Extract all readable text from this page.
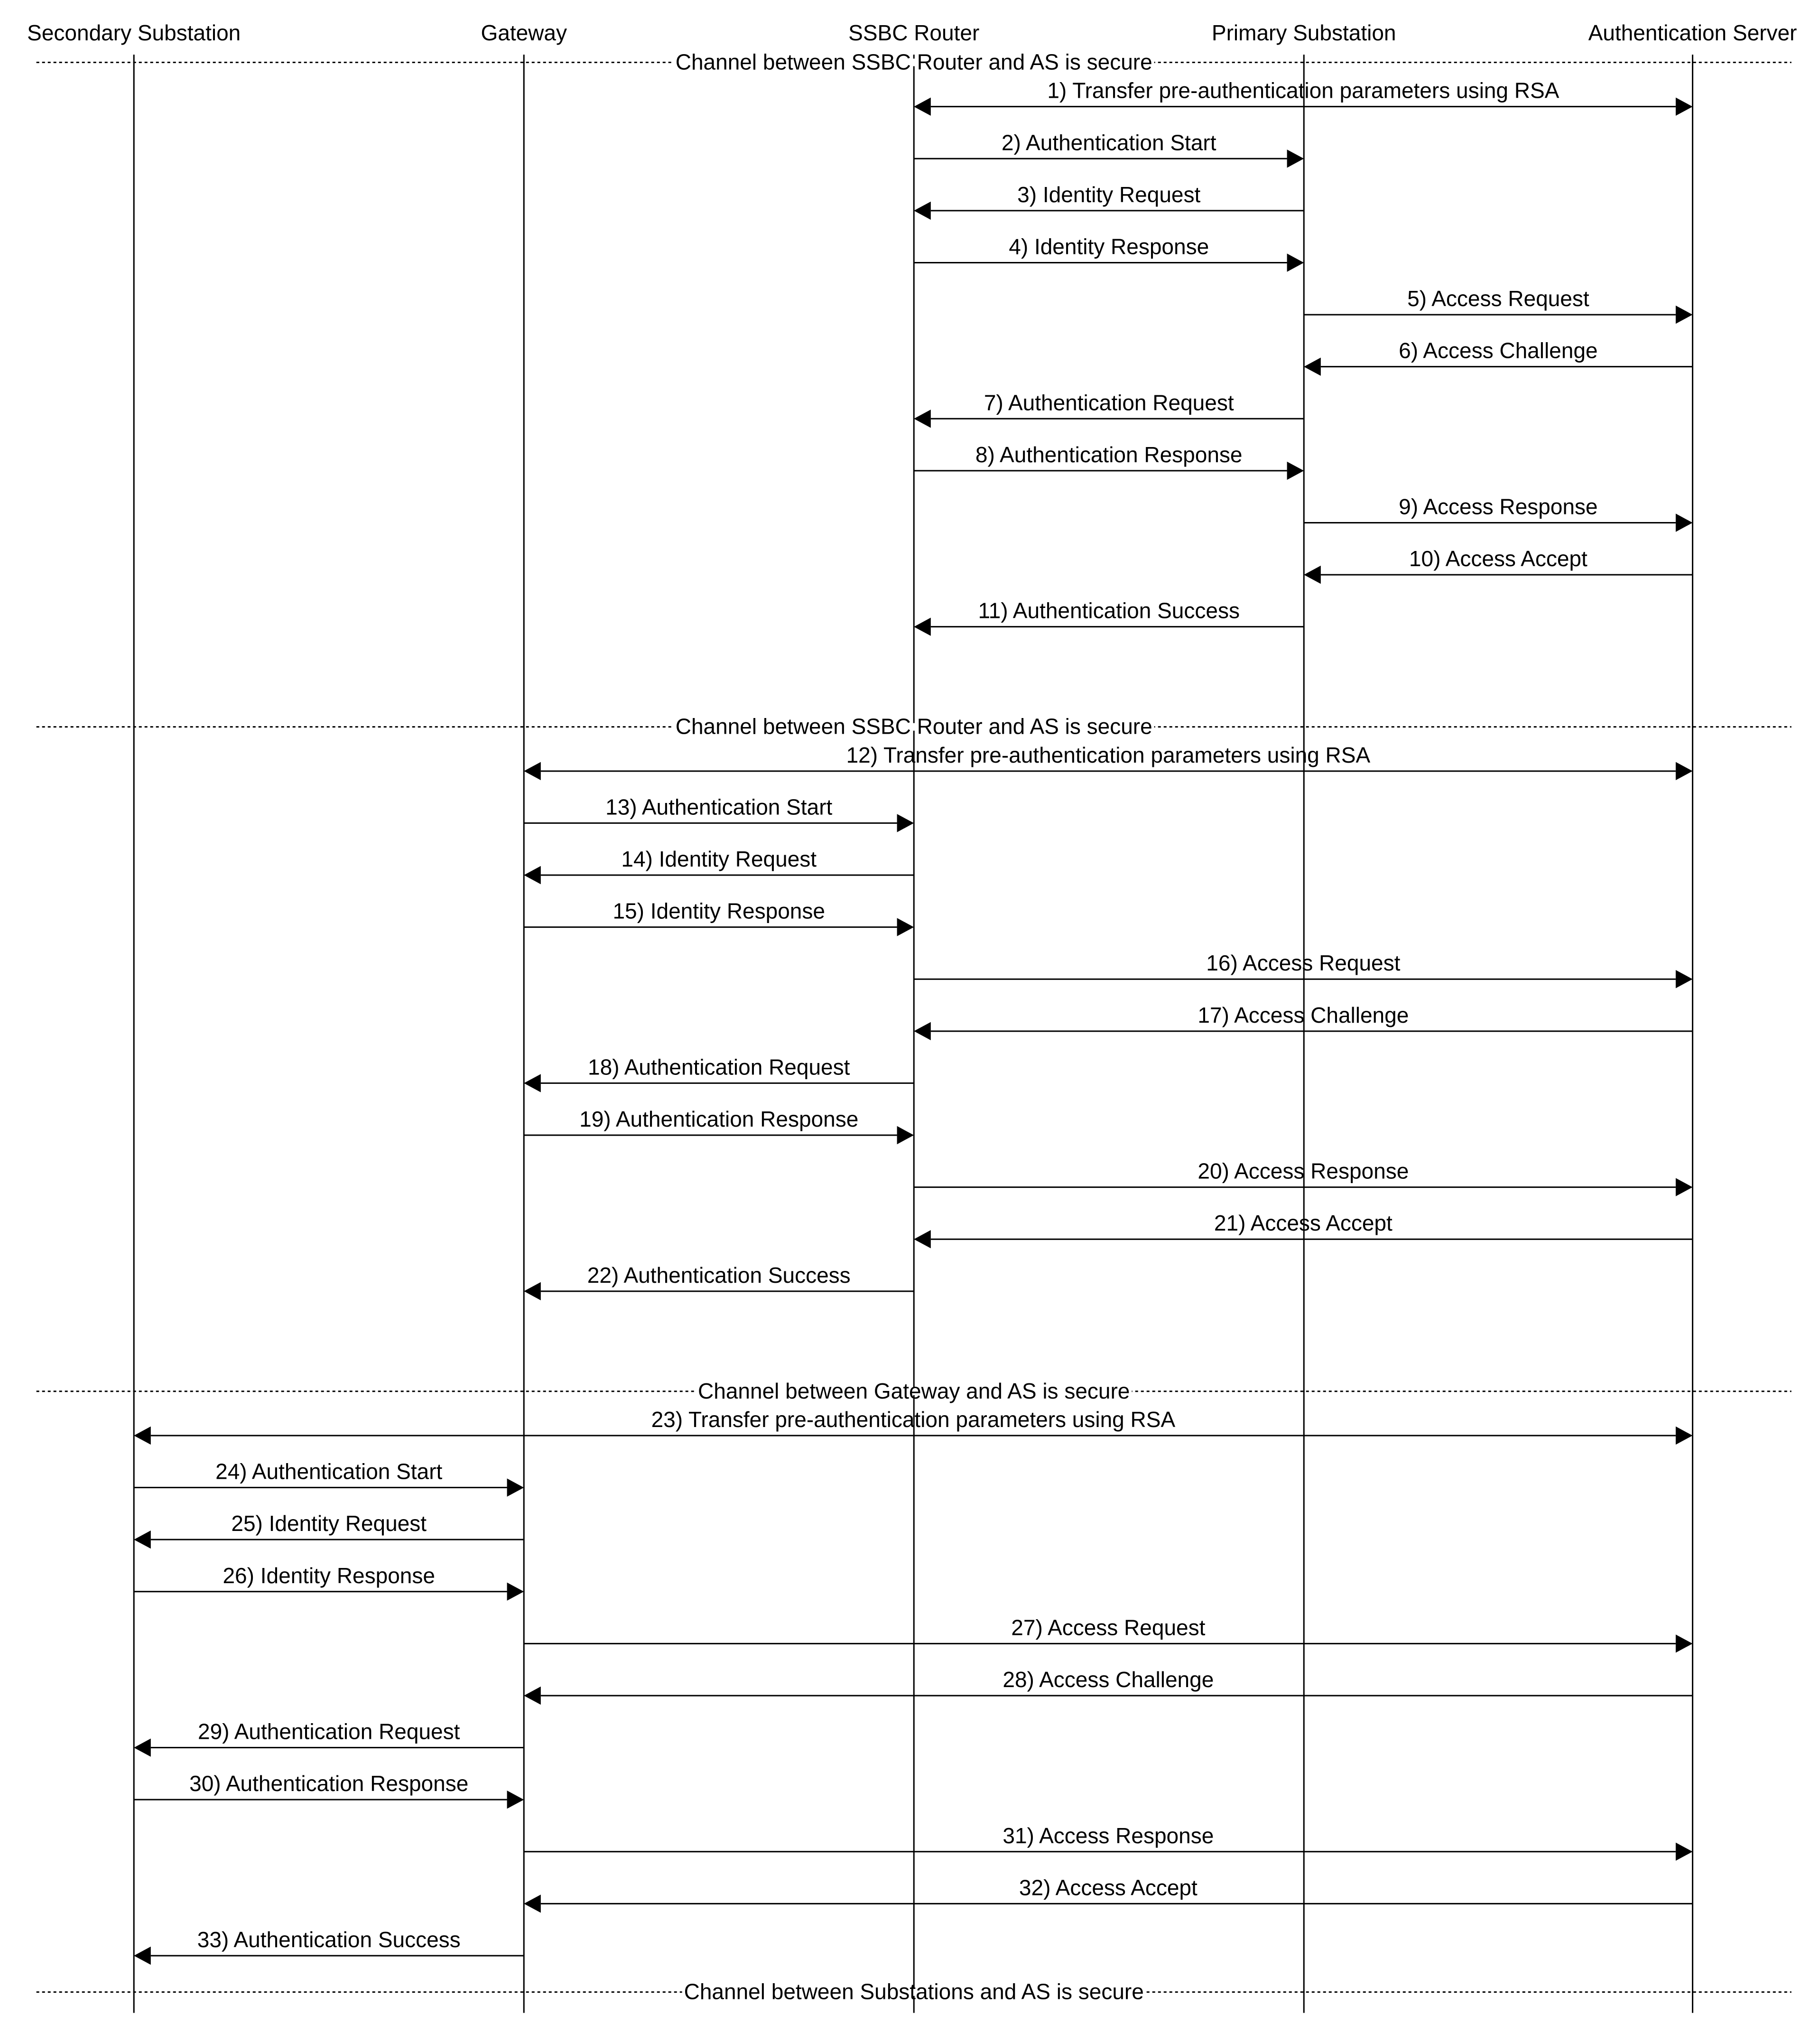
Secondary Substation	Gateway	SSBC Router	Primary Substation	Authentication Server
Channel between SSBC Router and AS is secure
Channel between SSBC Router and AS is secure
Channel between Gateway and AS is secure
Channel between Substations and AS is secure
1) Transfer pre-authentication parameters using RSA
2) Authentication Start
3) Identity Request
4) Identity Response
5) Access Request
6) Access Challenge
7) Authentication Request
8) Authentication Response
9) Access Response
10) Access Accept
11) Authentication Success
12) Transfer pre-authentication parameters using RSA
13) Authentication Start
14) Identity Request
15) Identity Response
16) Access Request
17) Access Challenge
18) Authentication Request
19) Authentication Response
20) Access Response
21) Access Accept
22) Authentication Success
23) Transfer pre-authentication parameters using RSA
24) Authentication Start
25) Identity Request
26) Identity Response
27) Access Request
28) Access Challenge
29) Authentication Request
30) Authentication Response
31) Access Response
32) Access Accept
33) Authentication Success
